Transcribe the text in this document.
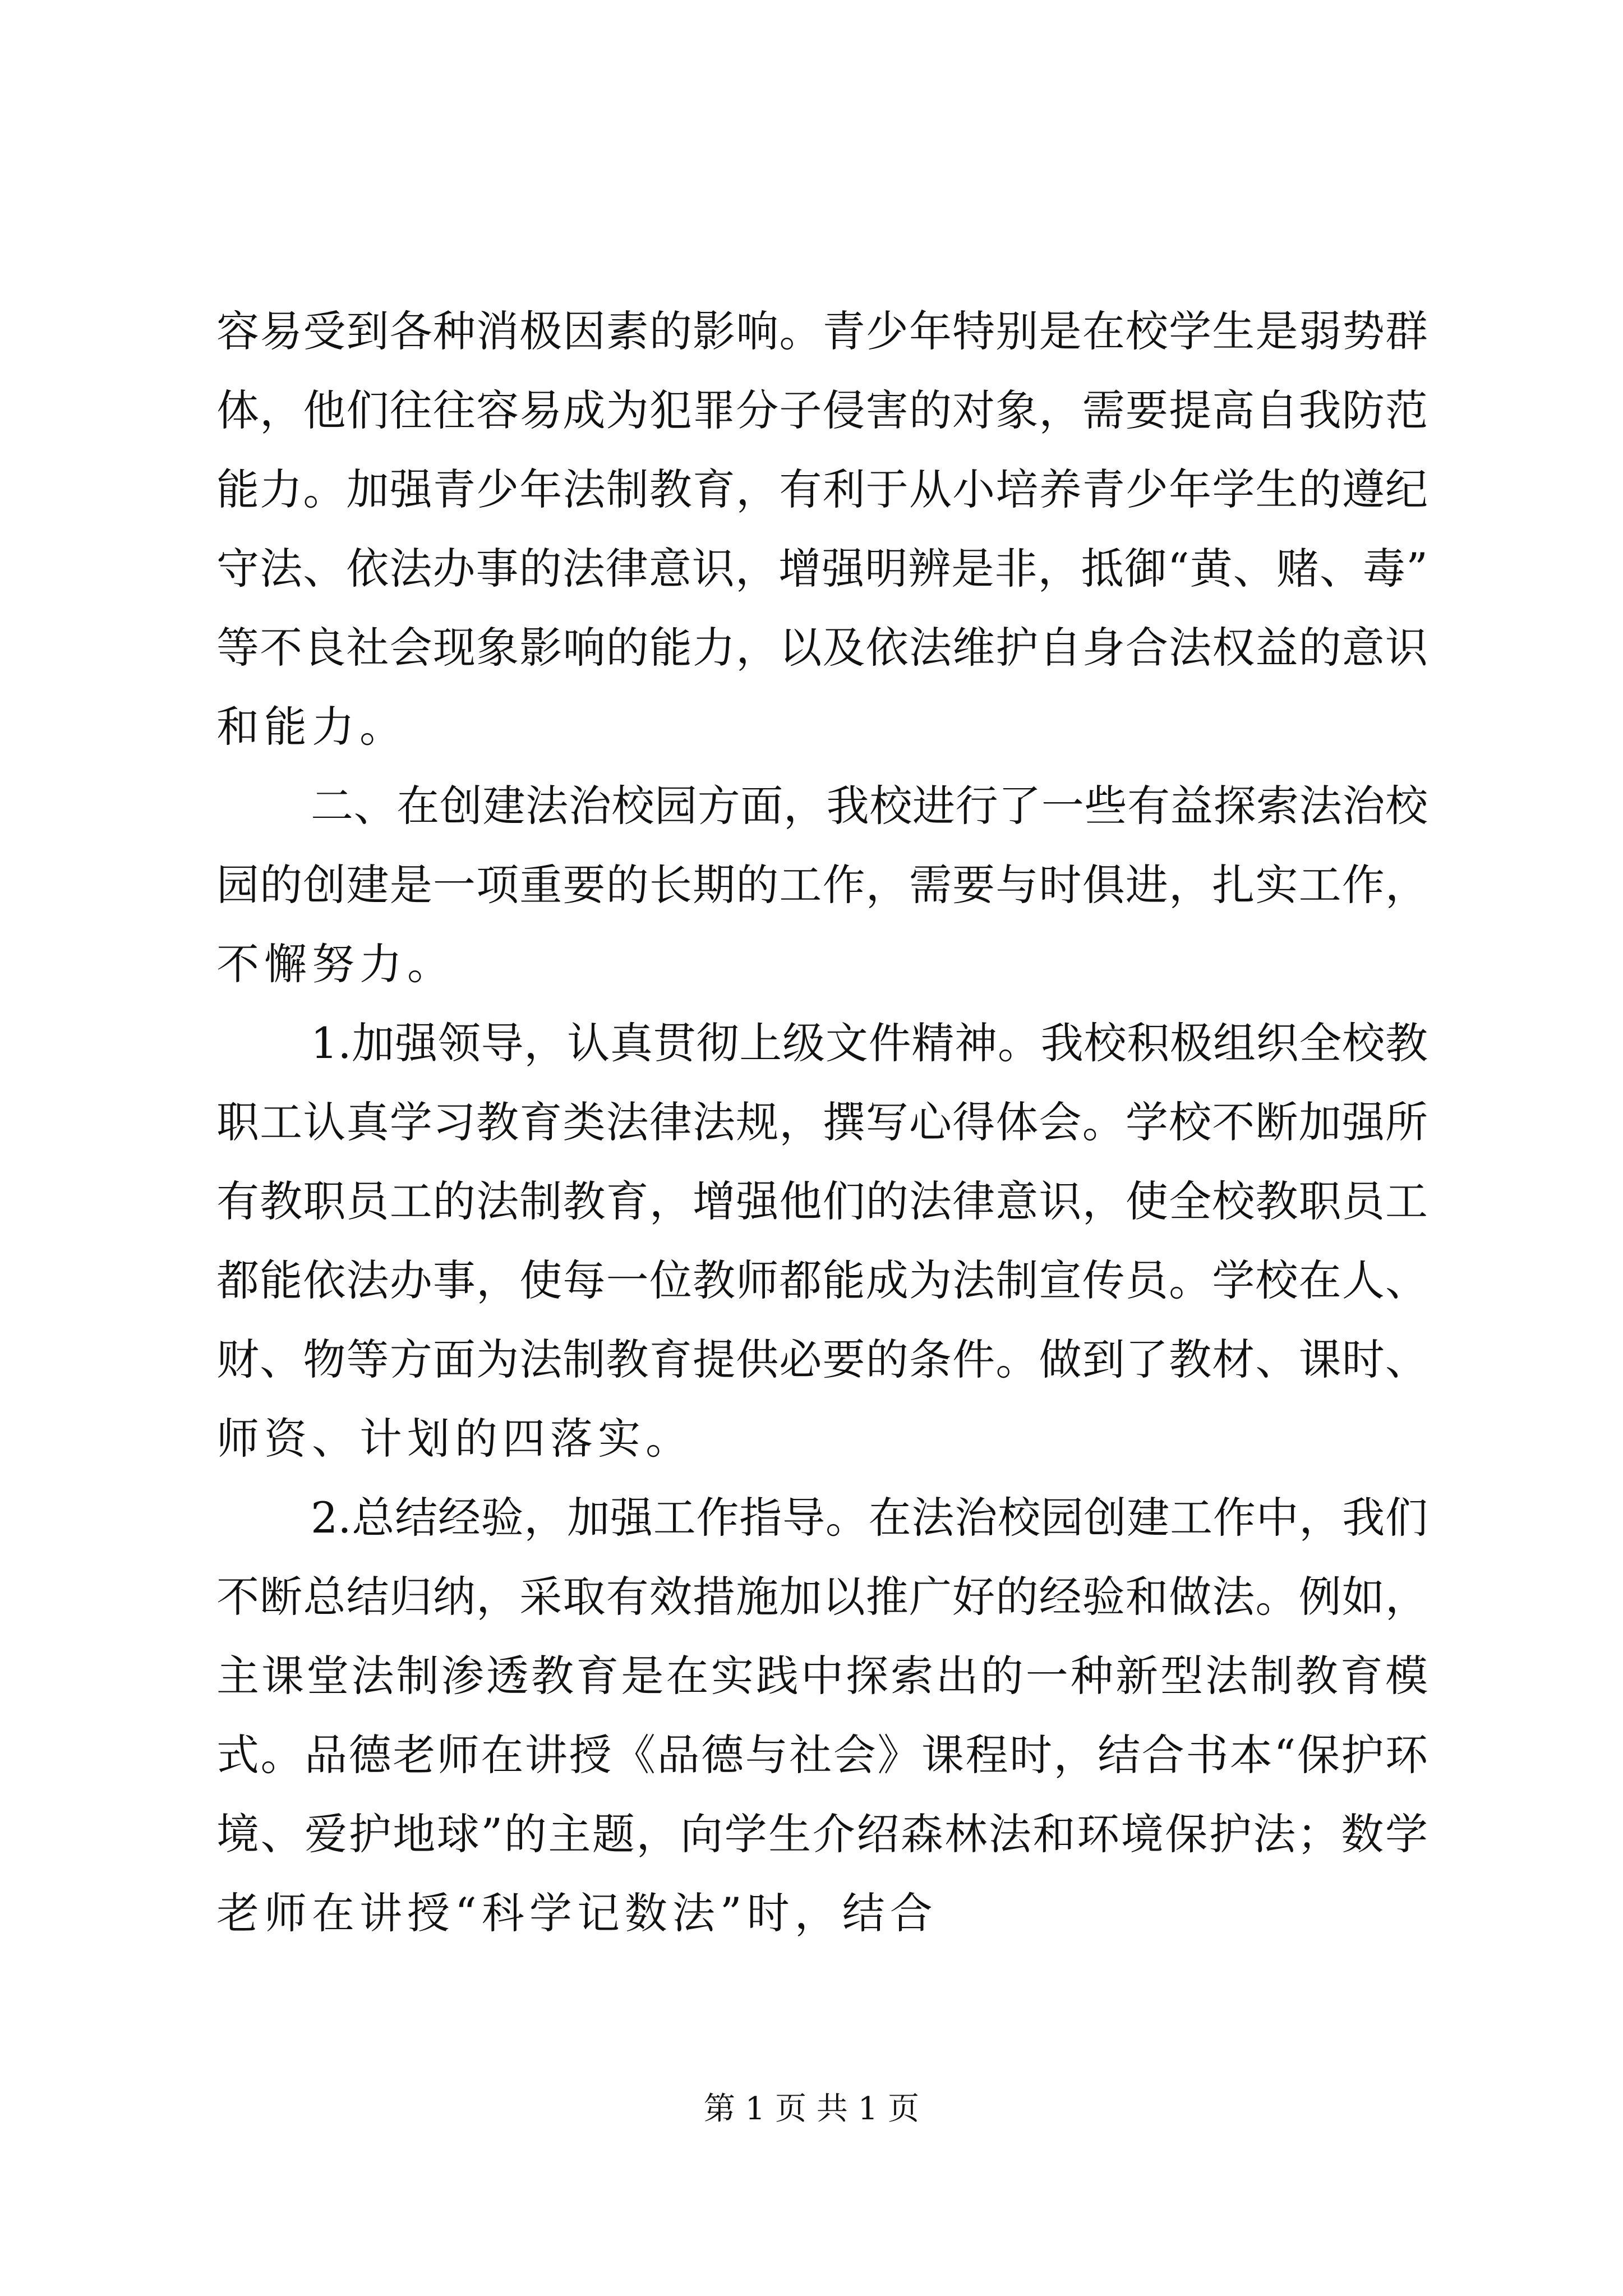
容易受到各种消极因素的影响。青少年特别是在校学生是弱势群
体，他们往往容易成为犯罪分子侵害的对象，需要提高自我防范
能力。加强青少年法制教育，有利于从小培养青少年学生的遵纪
守法、依法办事的法律意识，增强明辨是非，抵御“黄、赌、毒”
等不良社会现象影响的能力，以及依法维护自身合法权益的意识
和能力。
二、在创建法治校园方面，我校进行了一些有益探索法治校
园的创建是一项重要的长期的工作，需要与时俱进，扎实工作，
不懈努力。
1.加强领导，认真贯彻上级文件精神。我校积极组织全校教
职工认真学习教育类法律法规，撰写心得体会。学校不断加强所
有教职员工的法制教育，增强他们的法律意识，使全校教职员工
都能依法办事，使每一位教师都能成为法制宣传员。学校在人、
财、物等方面为法制教育提供必要的条件。做到了教材、课时、
师资、计划的四落实。
2.总结经验，加强工作指导。在法治校园创建工作中，我们
不断总结归纳，采取有效措施加以推广好的经验和做法。例如，
主课堂法制渗透教育是在实践中探索出的一种新型法制教育模
式。品德老师在讲授《品德与社会》课程时，结合书本“保护环
境、爱护地球”的主题，向学生介绍森林法和环境保护法；数学
老师在讲授“科学记数法”时，结合
第 1 页 共 1 页
